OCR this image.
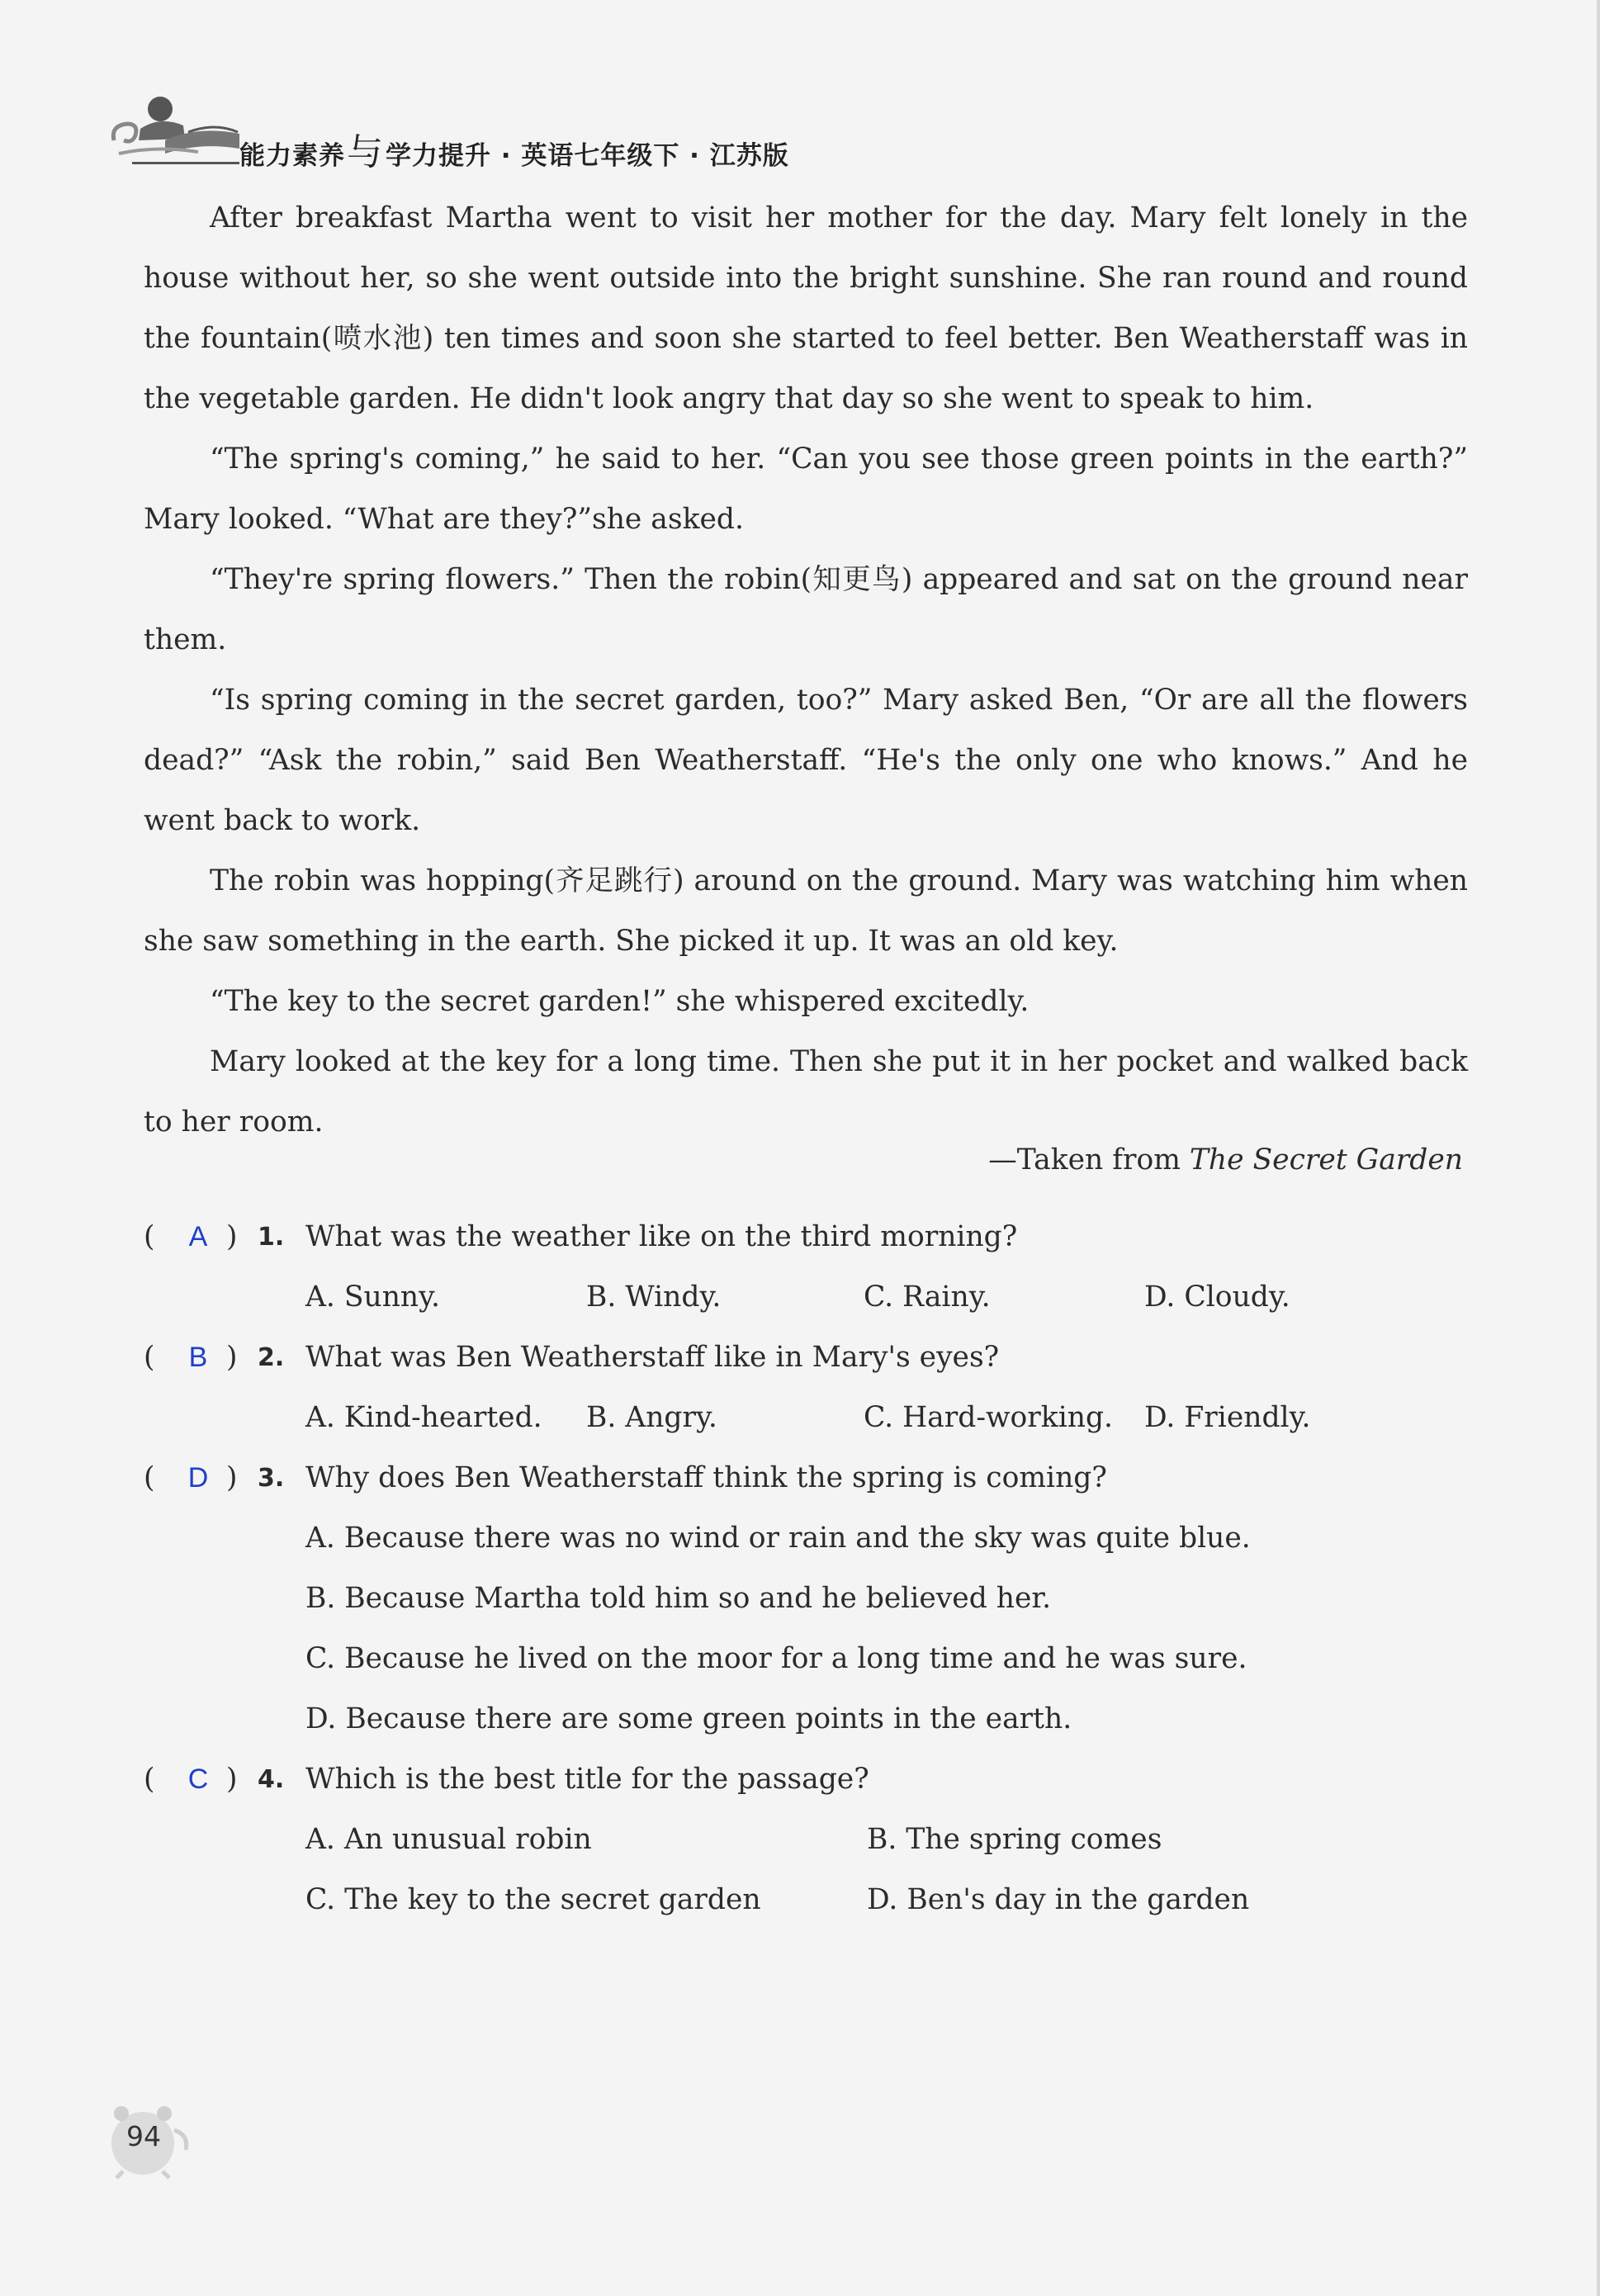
能力素养与学力提升 · 英语七年级下 · 江苏版

After breakfast Martha went to visit her mother for the day. Mary felt lonely in the house without her, so she went outside into the bright sunshine. She ran round and round the fountain(喷水池) ten times and soon she started to feel better. Ben Weatherstaff was in the vegetable garden. He didn't look angry that day so she went to speak to him.

“The spring's coming,” he said to her. “Can you see those green points in the earth?” Mary looked. “What are they?”she asked.

“They're spring flowers.” Then the robin(知更鸟) appeared and sat on the ground near them.

“Is spring coming in the secret garden, too?” Mary asked Ben, “Or are all the flowers dead?” “Ask the robin,” said Ben Weatherstaff. “He's the only one who knows.” And he went back to work.

The robin was hopping(齐足跳行) around on the ground. Mary was watching him when she saw something in the earth. She picked it up. It was an old key.

“The key to the secret garden!” she whispered excitedly.

Mary looked at the key for a long time. Then she put it in her pocket and walked back to her room.

—Taken from The Secret Garden
(	A ) 1. What was the weather like on the third morning?
A. Sunny.	B. Windy.	C. Rainy.	D. Cloudy.
(	B ) 2. What was Ben Weatherstaff like in Mary's eyes?
A. Kind-hearted. B. Angry.	C. Hard-working. D. Friendly.
(	D ) 3. Why does Ben Weatherstaff think the spring is coming?
A. Because there was no wind or rain and the sky was quite blue.
B. Because Martha told him so and he believed her.
C. Because he lived on the moor for a long time and he was sure.
D. Because there are some green points in the earth.
(	C ) 4. Which is the best title for the passage?
A. An unusual robin	B. The spring comes
C. The key to the secret garden	D. Ben's day in the garden
94
